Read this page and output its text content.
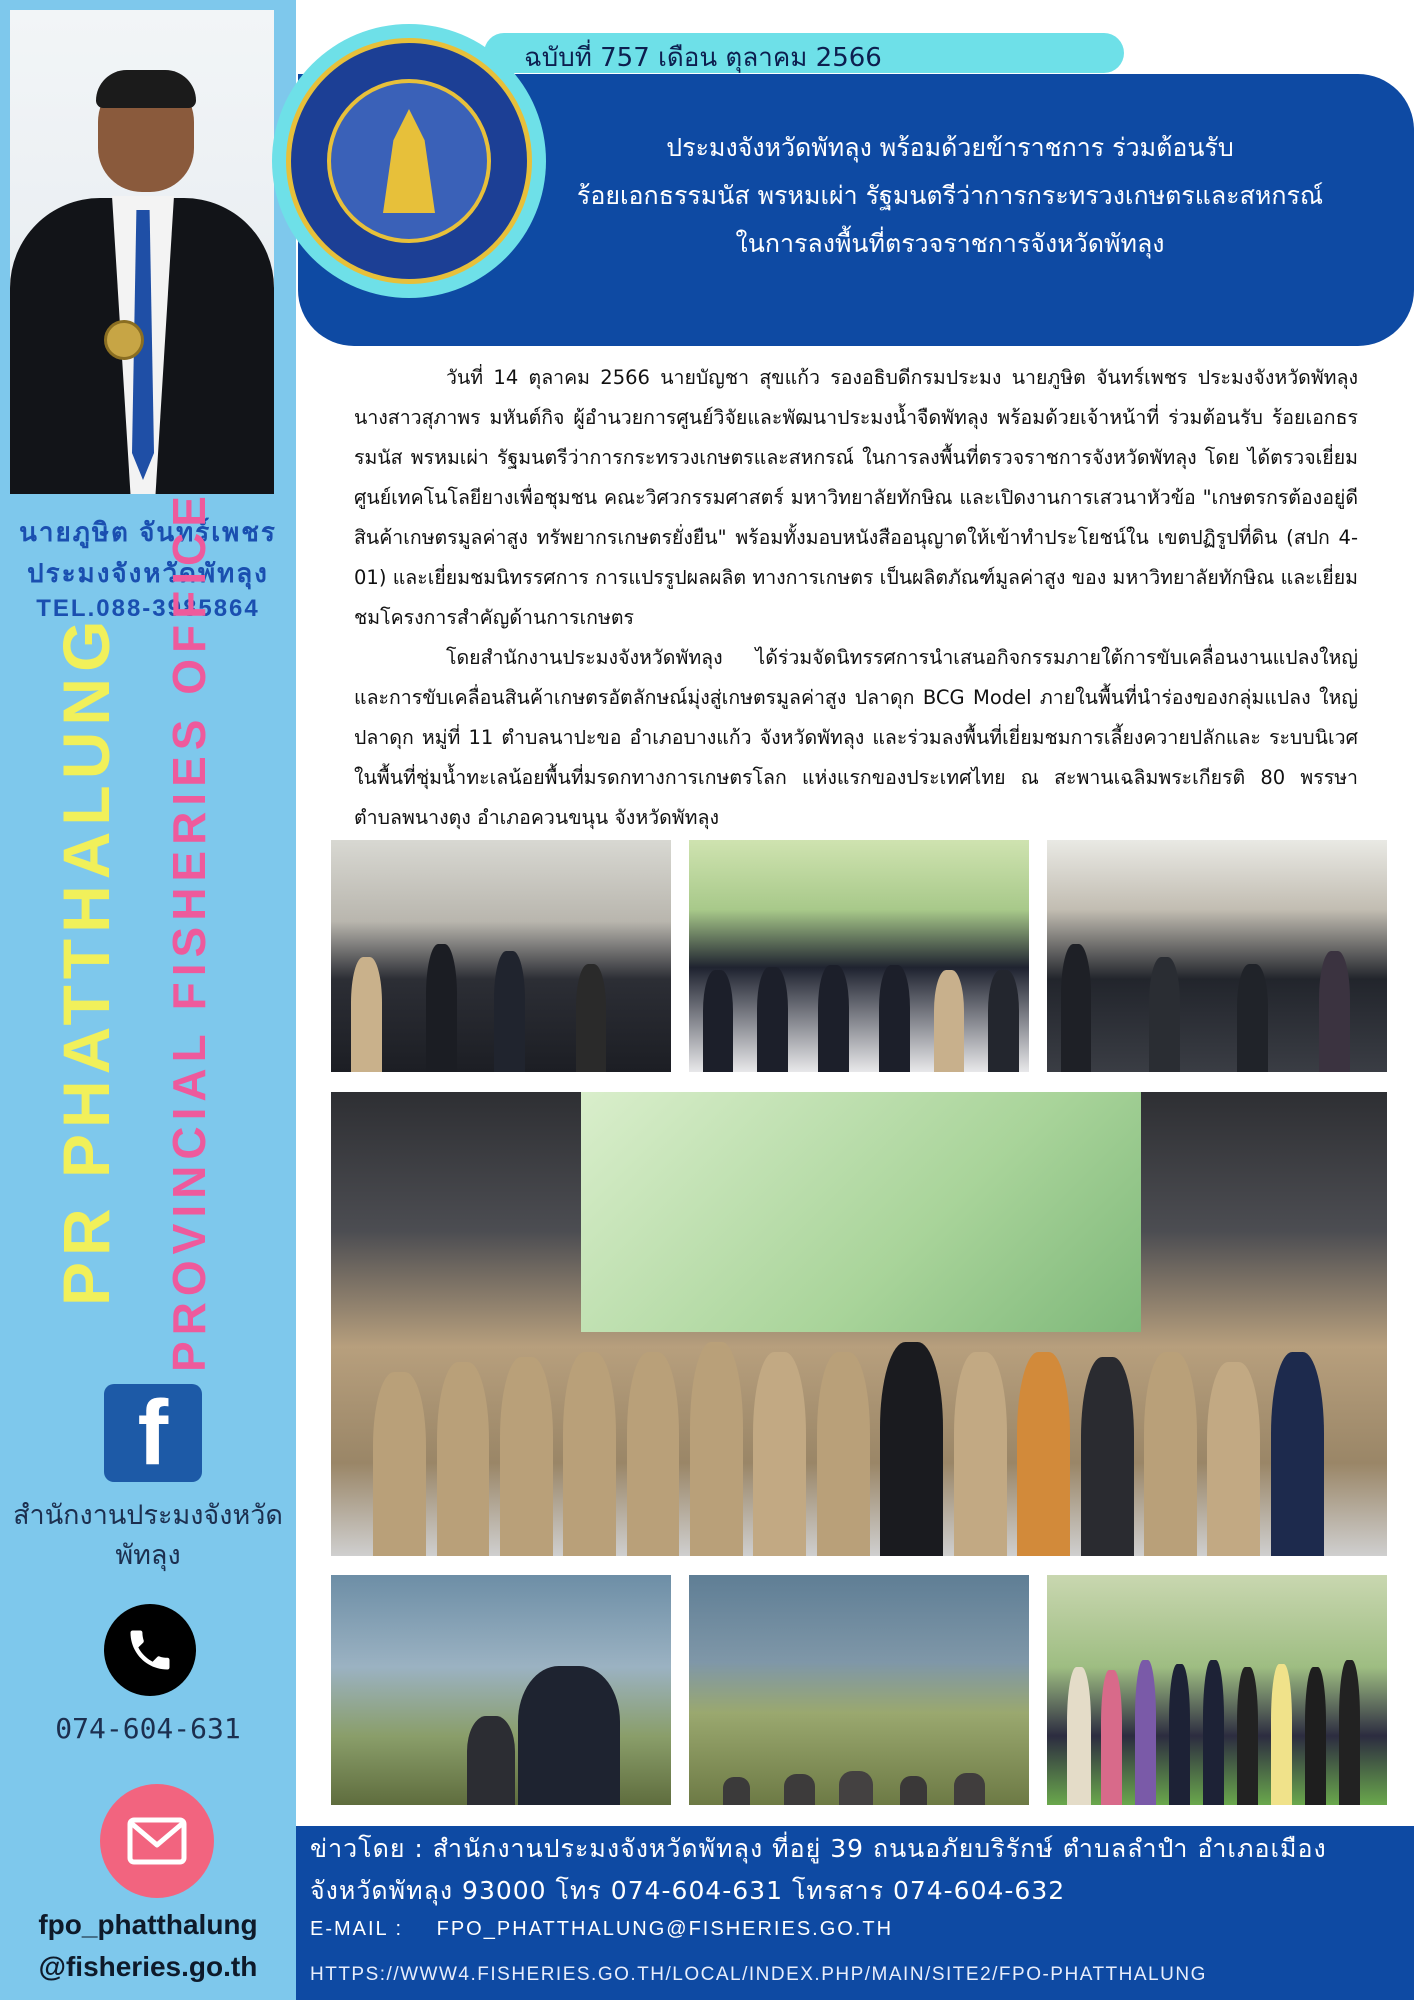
นายภูษิต จันทร์เพชร
ประมงจังหวัดพัทลุง
TEL.088-3985864
PR PHATTHALUNG PROVINCIAL FISHERIES OFFICE
f
สำนักงานประมงจังหวัดพัทลุง
074-604-631
fpo_phatthalung
@fisheries.go.th
ฉบับที่ 757 เดือน ตุลาคม 2566
ประมงจังหวัดพัทลุง พร้อมด้วยข้าราชการ ร่วมต้อนรับ
ร้อยเอกธรรมนัส พรหมเผ่า รัฐมนตรีว่าการกระทรวงเกษตรและสหกรณ์
ในการลงพื้นที่ตรวจราชการจังหวัดพัทลุง

วันที่ 14 ตุลาคม 2566 นายบัญชา สุขแก้ว รองอธิบดีกรมประมง นายภูษิต จันทร์เพชร ประมงจังหวัดพัทลุง นางสาวสุภาพร มหันต์กิจ ผู้อำนวยการศูนย์วิจัยและพัฒนาประมงน้ำจืดพัทลุง พร้อมด้วยเจ้าหน้าที่ ร่วมต้อนรับ ร้อยเอกธรรมนัส พรหมเผ่า รัฐมนตรีว่าการกระทรวงเกษตรและสหกรณ์ ในการลงพื้นที่ตรวจราชการจังหวัดพัทลุง โดย ได้ตรวจเยี่ยมศูนย์เทคโนโลยียางเพื่อชุมชน คณะวิศวกรรมศาสตร์ มหาวิทยาลัยทักษิณ และเปิดงานการเสวนาหัวข้อ "เกษตรกรต้องอยู่ดี สินค้าเกษตรมูลค่าสูง ทรัพยากรเกษตรยั่งยืน" พร้อมทั้งมอบหนังสืออนุญาตให้เข้าทำประโยชน์ใน เขตปฏิรูปที่ดิน (สปก 4-01) และเยี่ยมชมนิทรรศการ การแปรรูปผลผลิต ทางการเกษตร เป็นผลิตภัณฑ์มูลค่าสูง ของ มหาวิทยาลัยทักษิณ และเยี่ยมชมโครงการสำคัญด้านการเกษตร

โดยสำนักงานประมงจังหวัดพัทลุง ได้ร่วมจัดนิทรรศการนำเสนอกิจกรรมภายใต้การขับเคลื่อนงานแปลงใหญ่ และการขับเคลื่อนสินค้าเกษตรอัตลักษณ์มุ่งสู่เกษตรมูลค่าสูง ปลาดุก BCG Model ภายในพื้นที่นำร่องของกลุ่มแปลง ใหญ่ปลาดุก หมู่ที่ 11 ตำบลนาปะขอ อำเภอบางแก้ว จังหวัดพัทลุง และร่วมลงพื้นที่เยี่ยมชมการเลี้ยงควายปลักและ ระบบนิเวศในพื้นที่ชุ่มน้ำทะเลน้อยพื้นที่มรดกทางการเกษตรโลก แห่งแรกของประเทศไทย ณ สะพานเฉลิมพระเกียรติ 80 พรรษา ตำบลพนางตุง อำเภอควนขนุน จังหวัดพัทลุง

ข่าวโดย : สำนักงานประมงจังหวัดพัทลุง ที่อยู่ 39 ถนนอภัยบริรักษ์ ตำบลลำปำ อำเภอเมือง จังหวัดพัทลุง 93000 โทร 074-604-631 โทรสาร 074-604-632
E-MAIL : FPO_PHATTHALUNG@FISHERIES.GO.TH
HTTPS://WWW4.FISHERIES.GO.TH/LOCAL/INDEX.PHP/MAIN/SITE2/FPO-PHATTHALUNG
